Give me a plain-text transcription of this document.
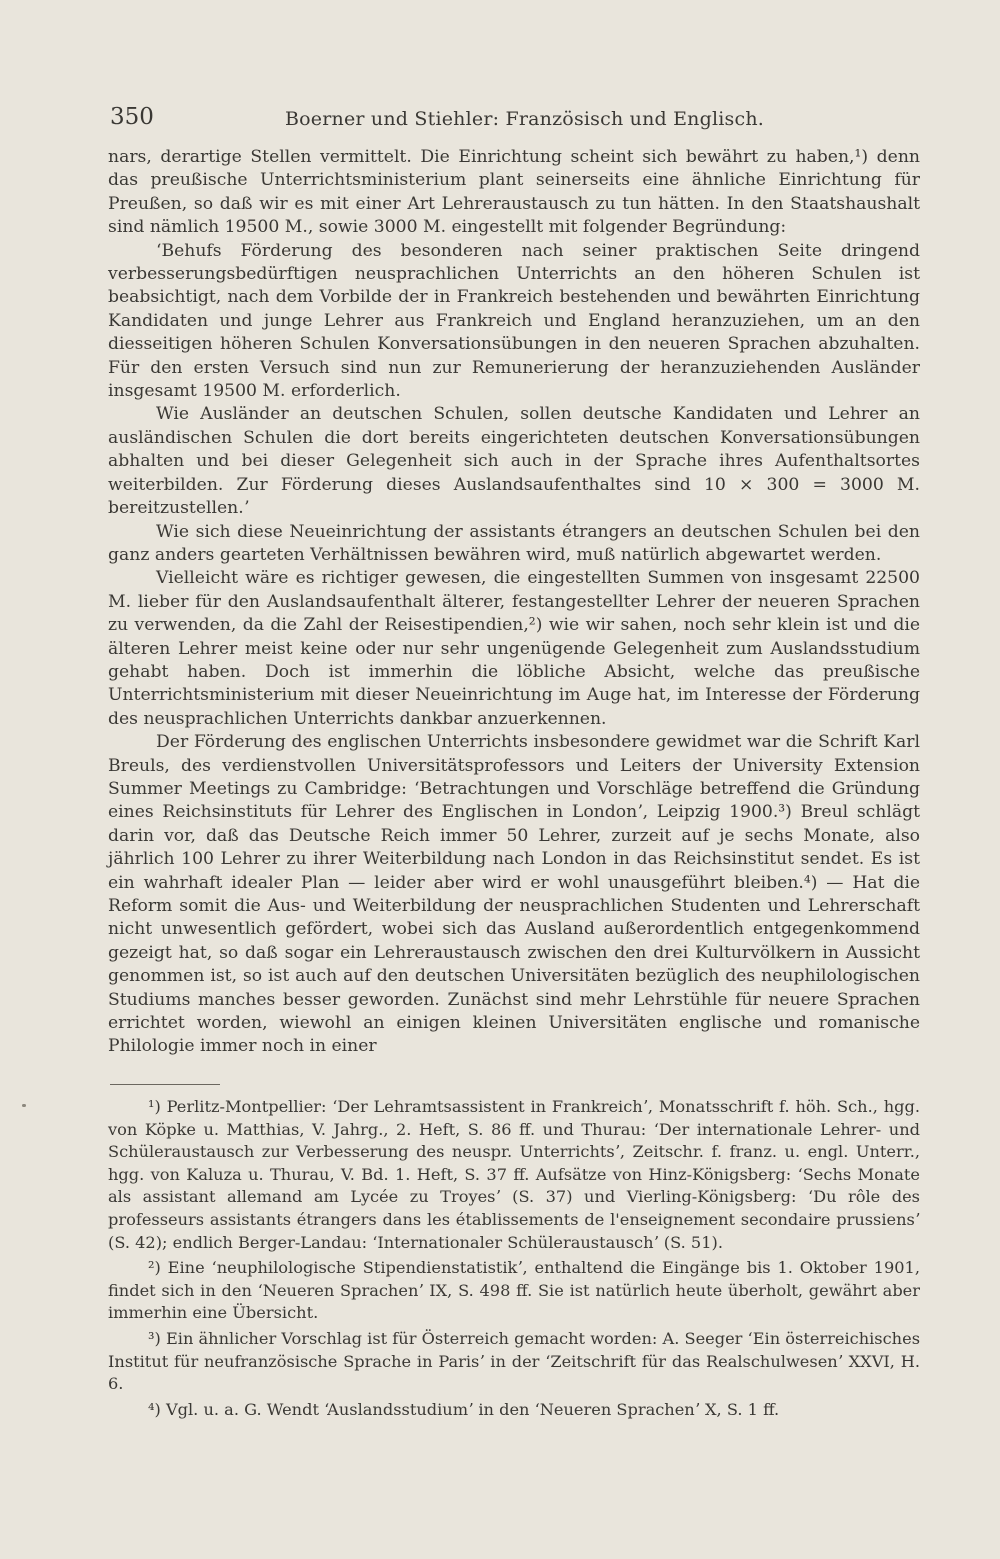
350	Boerner und Stiehler: Französisch und Englisch.

nars, derartige Stellen vermittelt. Die Einrichtung scheint sich bewährt zu haben,¹) denn das preußische Unterrichtsministerium plant seinerseits eine ähnliche Einrichtung für Preußen, so daß wir es mit einer Art Lehreraustausch zu tun hätten. In den Staatshaushalt sind nämlich 19500 M., sowie 3000 M. eingestellt mit folgender Begründung:

ʻBehufs Förderung des besonderen nach seiner praktischen Seite dringend verbesserungsbedürftigen neusprachlichen Unterrichts an den höheren Schulen ist beabsichtigt, nach dem Vorbilde der in Frankreich bestehenden und bewährten Einrichtung Kandidaten und junge Lehrer aus Frankreich und England heranzuziehen, um an den diesseitigen höheren Schulen Konversationsübungen in den neueren Sprachen abzuhalten. Für den ersten Versuch sind nun zur Remunerierung der heranzuziehenden Ausländer insgesamt 19500 M. erforderlich.

Wie Ausländer an deutschen Schulen, sollen deutsche Kandidaten und Lehrer an ausländischen Schulen die dort bereits eingerichteten deutschen Konversationsübungen abhalten und bei dieser Gelegenheit sich auch in der Sprache ihres Aufenthaltsortes weiterbilden. Zur Förderung dieses Auslandsaufenthaltes sind 10 × 300 = 3000 M. bereitzustellen.ʼ

Wie sich diese Neueinrichtung der assistants étrangers an deutschen Schulen bei den ganz anders gearteten Verhältnissen bewähren wird, muß natürlich abgewartet werden.

Vielleicht wäre es richtiger gewesen, die eingestellten Summen von insgesamt 22500 M. lieber für den Auslandsaufenthalt älterer, festangestellter Lehrer der neueren Sprachen zu verwenden, da die Zahl der Reisestipendien,²) wie wir sahen, noch sehr klein ist und die älteren Lehrer meist keine oder nur sehr ungenügende Gelegenheit zum Auslandsstudium gehabt haben. Doch ist immerhin die löbliche Absicht, welche das preußische Unterrichtsministerium mit dieser Neueinrichtung im Auge hat, im Interesse der Förderung des neusprachlichen Unterrichts dankbar anzuerkennen.

Der Förderung des englischen Unterrichts insbesondere gewidmet war die Schrift Karl Breuls, des verdienstvollen Universitätsprofessors und Leiters der University Extension Summer Meetings zu Cambridge: ʻBetrachtungen und Vorschläge betreffend die Gründung eines Reichsinstituts für Lehrer des Englischen in Londonʼ, Leipzig 1900.³) Breul schlägt darin vor, daß das Deutsche Reich immer 50 Lehrer, zurzeit auf je sechs Monate, also jährlich 100 Lehrer zu ihrer Weiterbildung nach London in das Reichsinstitut sendet. Es ist ein wahrhaft idealer Plan — leider aber wird er wohl unausgeführt bleiben.⁴) — Hat die Reform somit die Aus- und Weiterbildung der neusprachlichen Studenten und Lehrerschaft nicht unwesentlich gefördert, wobei sich das Ausland außerordentlich entgegenkommend gezeigt hat, so daß sogar ein Lehreraustausch zwischen den drei Kulturvölkern in Aussicht genommen ist, so ist auch auf den deutschen Universitäten bezüglich des neuphilologischen Studiums manches besser geworden. Zunächst sind mehr Lehrstühle für neuere Sprachen errichtet worden, wiewohl an einigen kleinen Universitäten englische und romanische Philologie immer noch in einer

¹) Perlitz-Montpellier: ʻDer Lehramtsassistent in Frankreichʼ, Monatsschrift f. höh. Sch., hgg. von Köpke u. Matthias, V. Jahrg., 2. Heft, S. 86 ff. und Thurau: ʻDer internationale Lehrer- und Schüleraustausch zur Verbesserung des neuspr. Unterrichtsʼ, Zeitschr. f. franz. u. engl. Unterr., hgg. von Kaluza u. Thurau, V. Bd. 1. Heft, S. 37 ff. Aufsätze von Hinz-Königsberg: ʻSechs Monate als assistant allemand am Lycée zu Troyesʼ (S. 37) und Vierling-Königsberg: ʻDu rôle des professeurs assistants étrangers dans les établissements de l'enseignement secondaire prussiensʼ (S. 42); endlich Berger-Landau: ʻInternationaler Schüleraustauschʼ (S. 51).

²) Eine ʻneuphilologische Stipendienstatistikʼ, enthaltend die Eingänge bis 1. Oktober 1901, findet sich in den ʻNeueren Sprachenʼ IX, S. 498 ff. Sie ist natürlich heute überholt, gewährt aber immerhin eine Übersicht.

³) Ein ähnlicher Vorschlag ist für Österreich gemacht worden: A. Seeger ʻEin österreichisches Institut für neufranzösische Sprache in Parisʼ in der ʻZeitschrift für das Realschulwesenʼ XXVI, H. 6.

⁴) Vgl. u. a. G. Wendt ʻAuslandsstudiumʼ in den ʻNeueren Sprachenʼ X, S. 1 ff.
